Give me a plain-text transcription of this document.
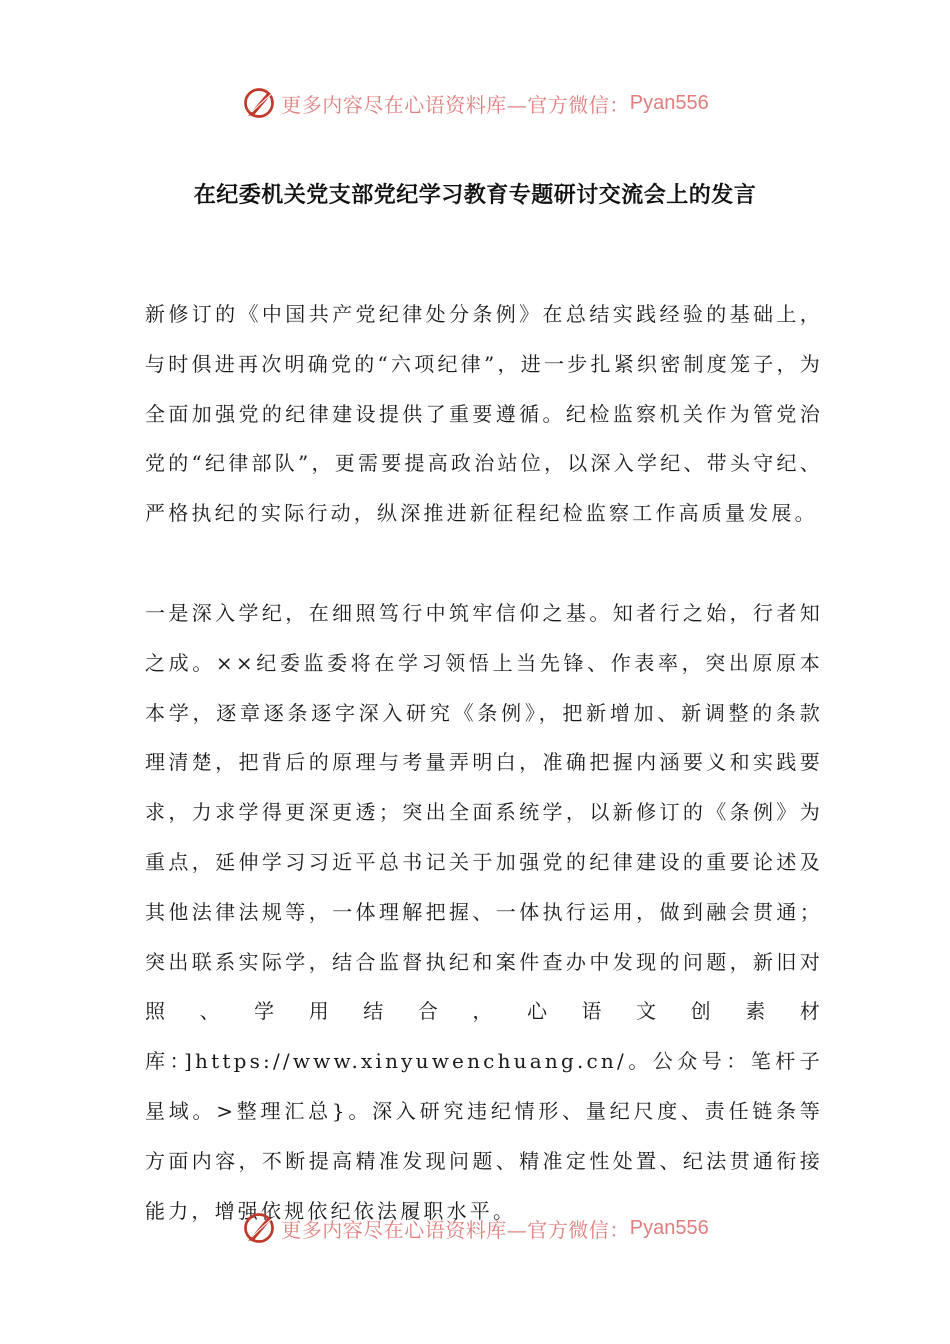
更多内容尽在心语资料库—官方微信： Pyan556
在纪委机关党支部党纪学习教育专题研讨交流会上的发言

新修订的《中国共产党纪律处分条例》在总结实践经验的基础上，与时俱进再次明确党的“六项纪律”，进一步扎紧织密制度笼子，为全面加强党的纪律建设提供了重要遵循。纪检监察机关作为管党治党的“纪律部队”，更需要提高政治站位，以深入学纪、带头守纪、严格执纪的实际行动，纵深推进新征程纪检监察工作高质量发展。

一是深入学纪，在细照笃行中筑牢信仰之基。知者行之始，行者知之成。××纪委监委将在学习领悟上当先锋、作表率，突出原原本本学，逐章逐条逐字深入研究《条例》，把新增加、新调整的条款理清楚，把背后的原理与考量弄明白，准确把握内涵要义和实践要求，力求学得更深更透；突出全面系统学，以新修订的《条例》为重点，延伸学习习近平总书记关于加强党的纪律建设的重要论述及其他法律法规等，一体理解把握、一体执行运用，做到融会贯通；突出联系实际学，结合监督执纪和案件查办中发现的问题，新旧对照、学用结合，心语文创素材库：]https://www.xinyuwenchuang.cn/。公众号：笔杆子星域。>整理汇总}。深入研究违纪情形、量纪尺度、责任链条等方面内容，不断提高精准发现问题、精准定性处置、纪法贯通衔接能力，增强依规依纪依法履职水平。

更多内容尽在心语资料库—官方微信： Pyan556
